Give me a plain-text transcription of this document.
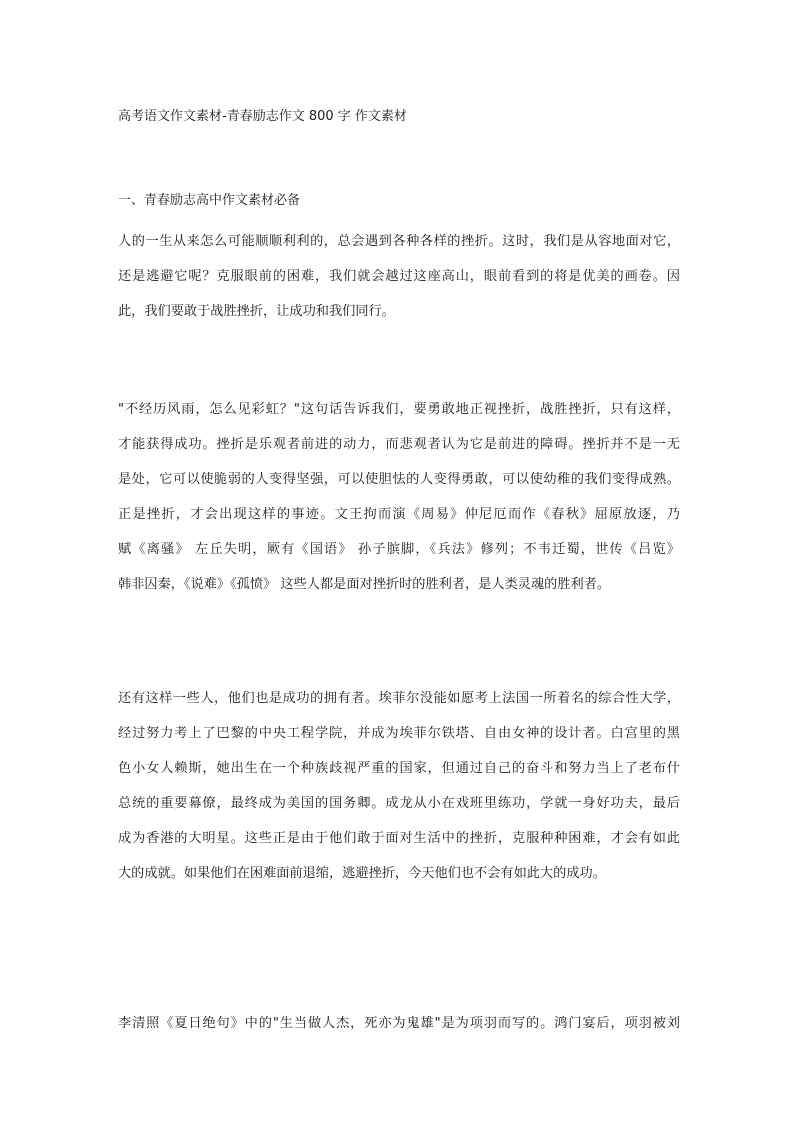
高考语文作文素材-青春励志作文 800 字 作文素材
一、青春励志高中作文素材必备
人的一生从来怎么可能顺顺利利的，总会遇到各种各样的挫折。这时，我们是从容地面对它，
还是逃避它呢？克服眼前的困难，我们就会越过这座高山，眼前看到的将是优美的画卷。因
此，我们要敢于战胜挫折，让成功和我们同行。
"不经历风雨，怎么见彩虹？"这句话告诉我们，要勇敢地正视挫折，战胜挫折，只有这样，
才能获得成功。挫折是乐观者前进的动力，而悲观者认为它是前进的障碍。挫折并不是一无
是处，它可以使脆弱的人变得坚强，可以使胆怯的人变得勇敢，可以使幼稚的我们变得成熟。
正是挫折，才会出现这样的事迹。文王拘而演《周易》仲尼厄而作《春秋》屈原放逐，乃
赋《离骚》 左丘失明，厥有《国语》 孙子膑脚，《兵法》修列；不韦迁蜀，世传《吕览》
韩非囚秦，《说难》《孤愤》 这些人都是面对挫折时的胜利者，是人类灵魂的胜利者。
还有这样一些人，他们也是成功的拥有者。埃菲尔没能如愿考上法国一所着名的综合性大学，
经过努力考上了巴黎的中央工程学院，并成为埃菲尔铁塔、自由女神的设计者。白宫里的黑
色小女人赖斯，她出生在一个种族歧视严重的国家，但通过自己的奋斗和努力当上了老布什
总统的重要幕僚，最终成为美国的国务卿。成龙从小在戏班里练功，学就一身好功夫，最后
成为香港的大明星。这些正是由于他们敢于面对生活中的挫折，克服种种困难，才会有如此
大的成就。如果他们在困难面前退缩，逃避挫折，今天他们也不会有如此大的成功。
李清照《夏日绝句》中的"生当做人杰，死亦为鬼雄"是为项羽而写的。鸿门宴后，项羽被刘
